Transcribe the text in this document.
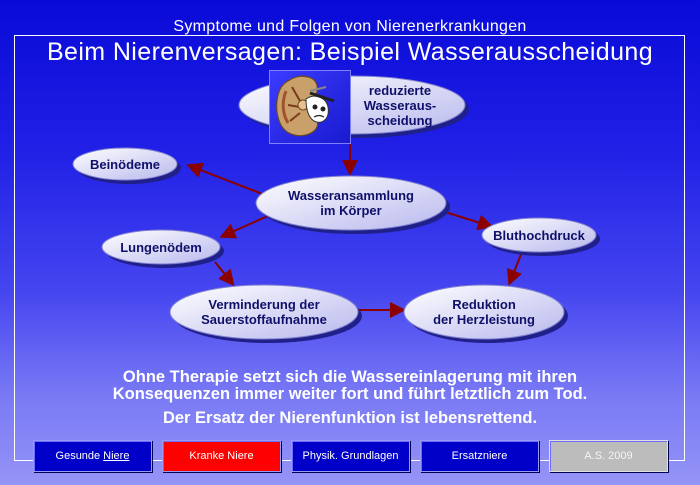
Symptome und Folgen von Nierenerkrankungen
Beim Nierenversagen: Beispiel Wasserausscheidung
reduzierte
Wasseraus-
scheidung
Beinödeme
Wasseransammlung
im Körper
Lungenödem
Bluthochdruck
Verminderung der
Sauerstoffaufnahme
Reduktion
der Herzleistung
Ohne Therapie setzt sich die Wassereinlagerung mit ihren
Konsequenzen immer weiter fort und führt letztlich zum Tod.
Der Ersatz der Nierenfunktion ist lebensrettend.
Gesunde Niere	Kranke Niere	Physik. Grundlagen	Ersatzniere	A.S. 2009
